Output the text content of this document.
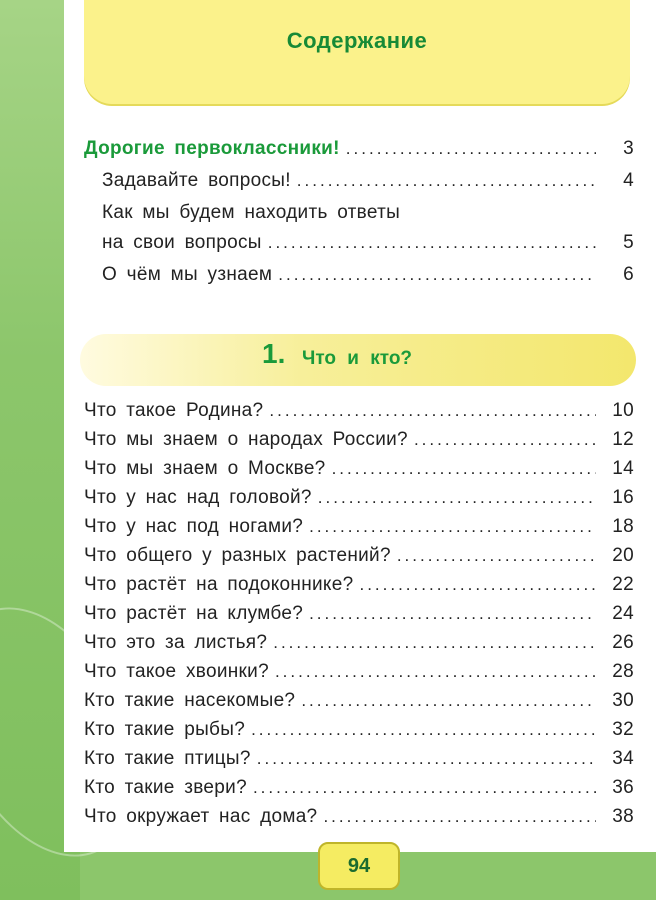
Содержание
Дорогие первоклассники! .....	3
Задавайте вопросы! .....	4
Как мы будем находить ответы
на свои вопросы .....	5
О чём мы узнаем .....	6
1. Что и кто?
Что такое Родина? .....	10
Что мы знаем о народах России? .....	12
Что мы знаем о Москве? .....	14
Что у нас над головой? .....	16
Что у нас под ногами? .....	18
Что общего у разных растений? .....	20
Что растёт на подоконнике? .....	22
Что растёт на клумбе? .....	24
Что это за листья? .....	26
Что такое хвоинки? .....	28
Кто такие насекомые? .....	30
Кто такие рыбы? .....	32
Кто такие птицы? .....	34
Кто такие звери? .....	36
Что окружает нас дома? .....	38
94
